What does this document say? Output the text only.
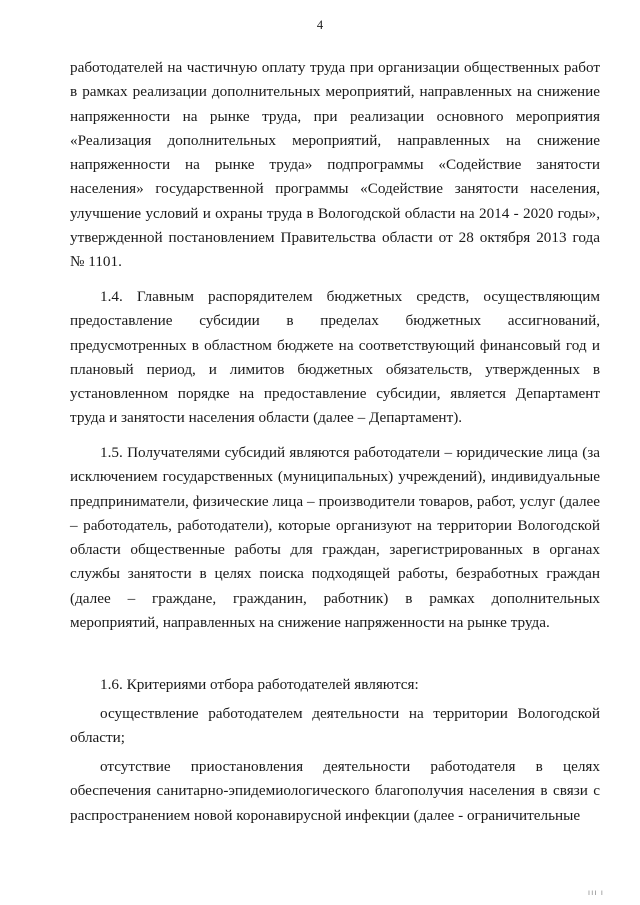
4

работодателей на частичную оплату труда при организации общественных работ в рамках реализации дополнительных мероприятий, направленных на снижение напряженности на рынке труда, при реализации основного мероприятия «Реализация дополнительных мероприятий, направленных на снижение напряженности на рынке труда» подпрограммы «Содействие занятости населения» государственной программы «Содействие занятости населения, улучшение условий и охраны труда в Вологодской области на 2014 - 2020 годы», утвержденной постановлением Правительства области от 28 октября 2013 года № 1101.

1.4. Главным распорядителем бюджетных средств, осуществляющим предоставление субсидии в пределах бюджетных ассигнований, предусмотренных в областном бюджете на соответствующий финансовый год и плановый период, и лимитов бюджетных обязательств, утвержденных в установленном порядке на предоставление субсидии, является Департамент труда и занятости населения области (далее – Департамент).

1.5. Получателями субсидий являются работодатели – юридические лица (за исключением государственных (муниципальных) учреждений), индивидуальные предприниматели, физические лица – производители товаров, работ, услуг (далее – работодатель, работодатели), которые организуют на территории Вологодской области общественные работы для граждан, зарегистрированных в органах службы занятости в целях поиска подходящей работы, безработных граждан (далее – граждане, гражданин, работник) в рамках дополнительных мероприятий, направленных на снижение напряженности на рынке труда.

1.6. Критериями отбора работодателей являются:

осуществление работодателем деятельности на территории Вологодской области;

отсутствие приостановления деятельности работодателя в целях обеспечения санитарно-эпидемиологического благополучия населения в связи с распространением новой коронавирусной инфекции (далее - ограничительные

ııı ı
